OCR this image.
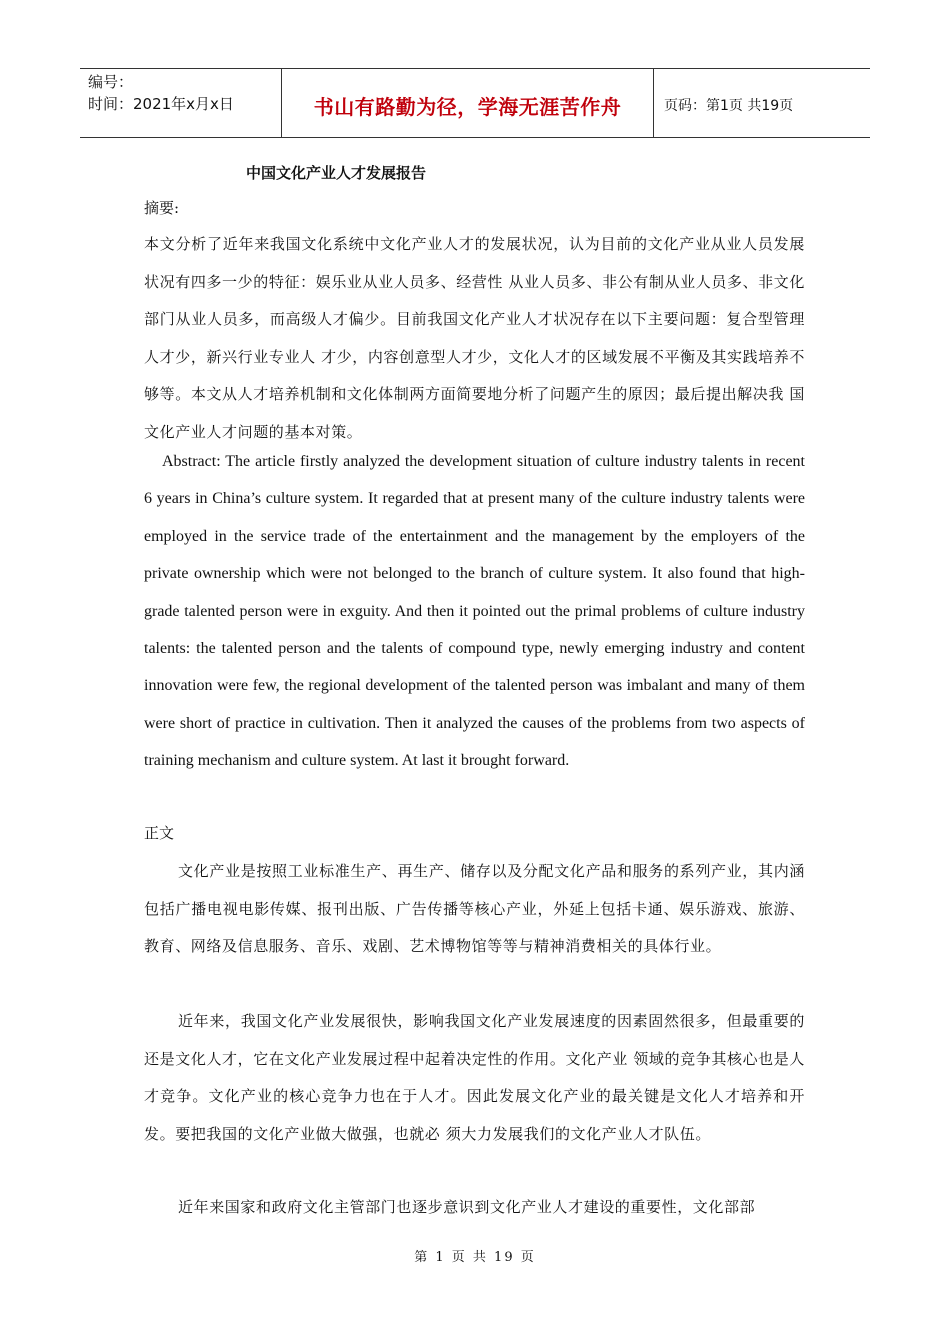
编号：
时间：2021年x月x日	书山有路勤为径，学海无涯苦作舟	页码：第1页 共19页
中国文化产业人才发展报告
摘要:
本文分析了近年来我国文化系统中文化产业人才的发展状况，认为目前的文化产业从业人员发展状况有四多一少的特征：娱乐业从业人员多、经营性 从业人员多、非公有制从业人员多、非文化部门从业人员多，而高级人才偏少。目前我国文化产业人才状况存在以下主要问题：复合型管理人才少，新兴行业专业人 才少，内容创意型人才少，文化人才的区域发展不平衡及其实践培养不够等。本文从人才培养机制和文化体制两方面简要地分析了问题产生的原因；最后提出解决我 国文化产业人才问题的基本对策。
Abstract: The article firstly analyzed the development situation of culture industry talents in recent 6 years in China’s culture system. It regarded that at present many of the culture industry talents were employed in the service trade of the entertainment and the management by the employers of the private ownership which were not belonged to the branch of culture system. It also found that high-grade talented person were in exguity. And then it pointed out the primal problems of culture industry talents: the talented person and the talents of compound type, newly emerging industry and content innovation were few, the regional development of the talented person was imbalant and many of them were short of practice in cultivation. Then it analyzed the causes of the problems from two aspects of training mechanism and culture system. At last it brought forward.
正文
文化产业是按照工业标准生产、再生产、储存以及分配文化产品和服务的系列产业，其内涵包括广播电视电影传媒、报刊出版、广告传播等核心产业，外延上包括卡通、娱乐游戏、旅游、教育、网络及信息服务、音乐、戏剧、艺术博物馆等等与精神消费相关的具体行业。
近年来，我国文化产业发展很快，影响我国文化产业发展速度的因素固然很多，但最重要的还是文化人才，它在文化产业发展过程中起着决定性的作用。文化产业 领域的竞争其核心也是人才竞争。文化产业的核心竞争力也在于人才。因此发展文化产业的最关键是文化人才培养和开发。要把我国的文化产业做大做强，也就必 须大力发展我们的文化产业人才队伍。
近年来国家和政府文化主管部门也逐步意识到文化产业人才建设的重要性，文化部部
第 1 页 共 19 页
